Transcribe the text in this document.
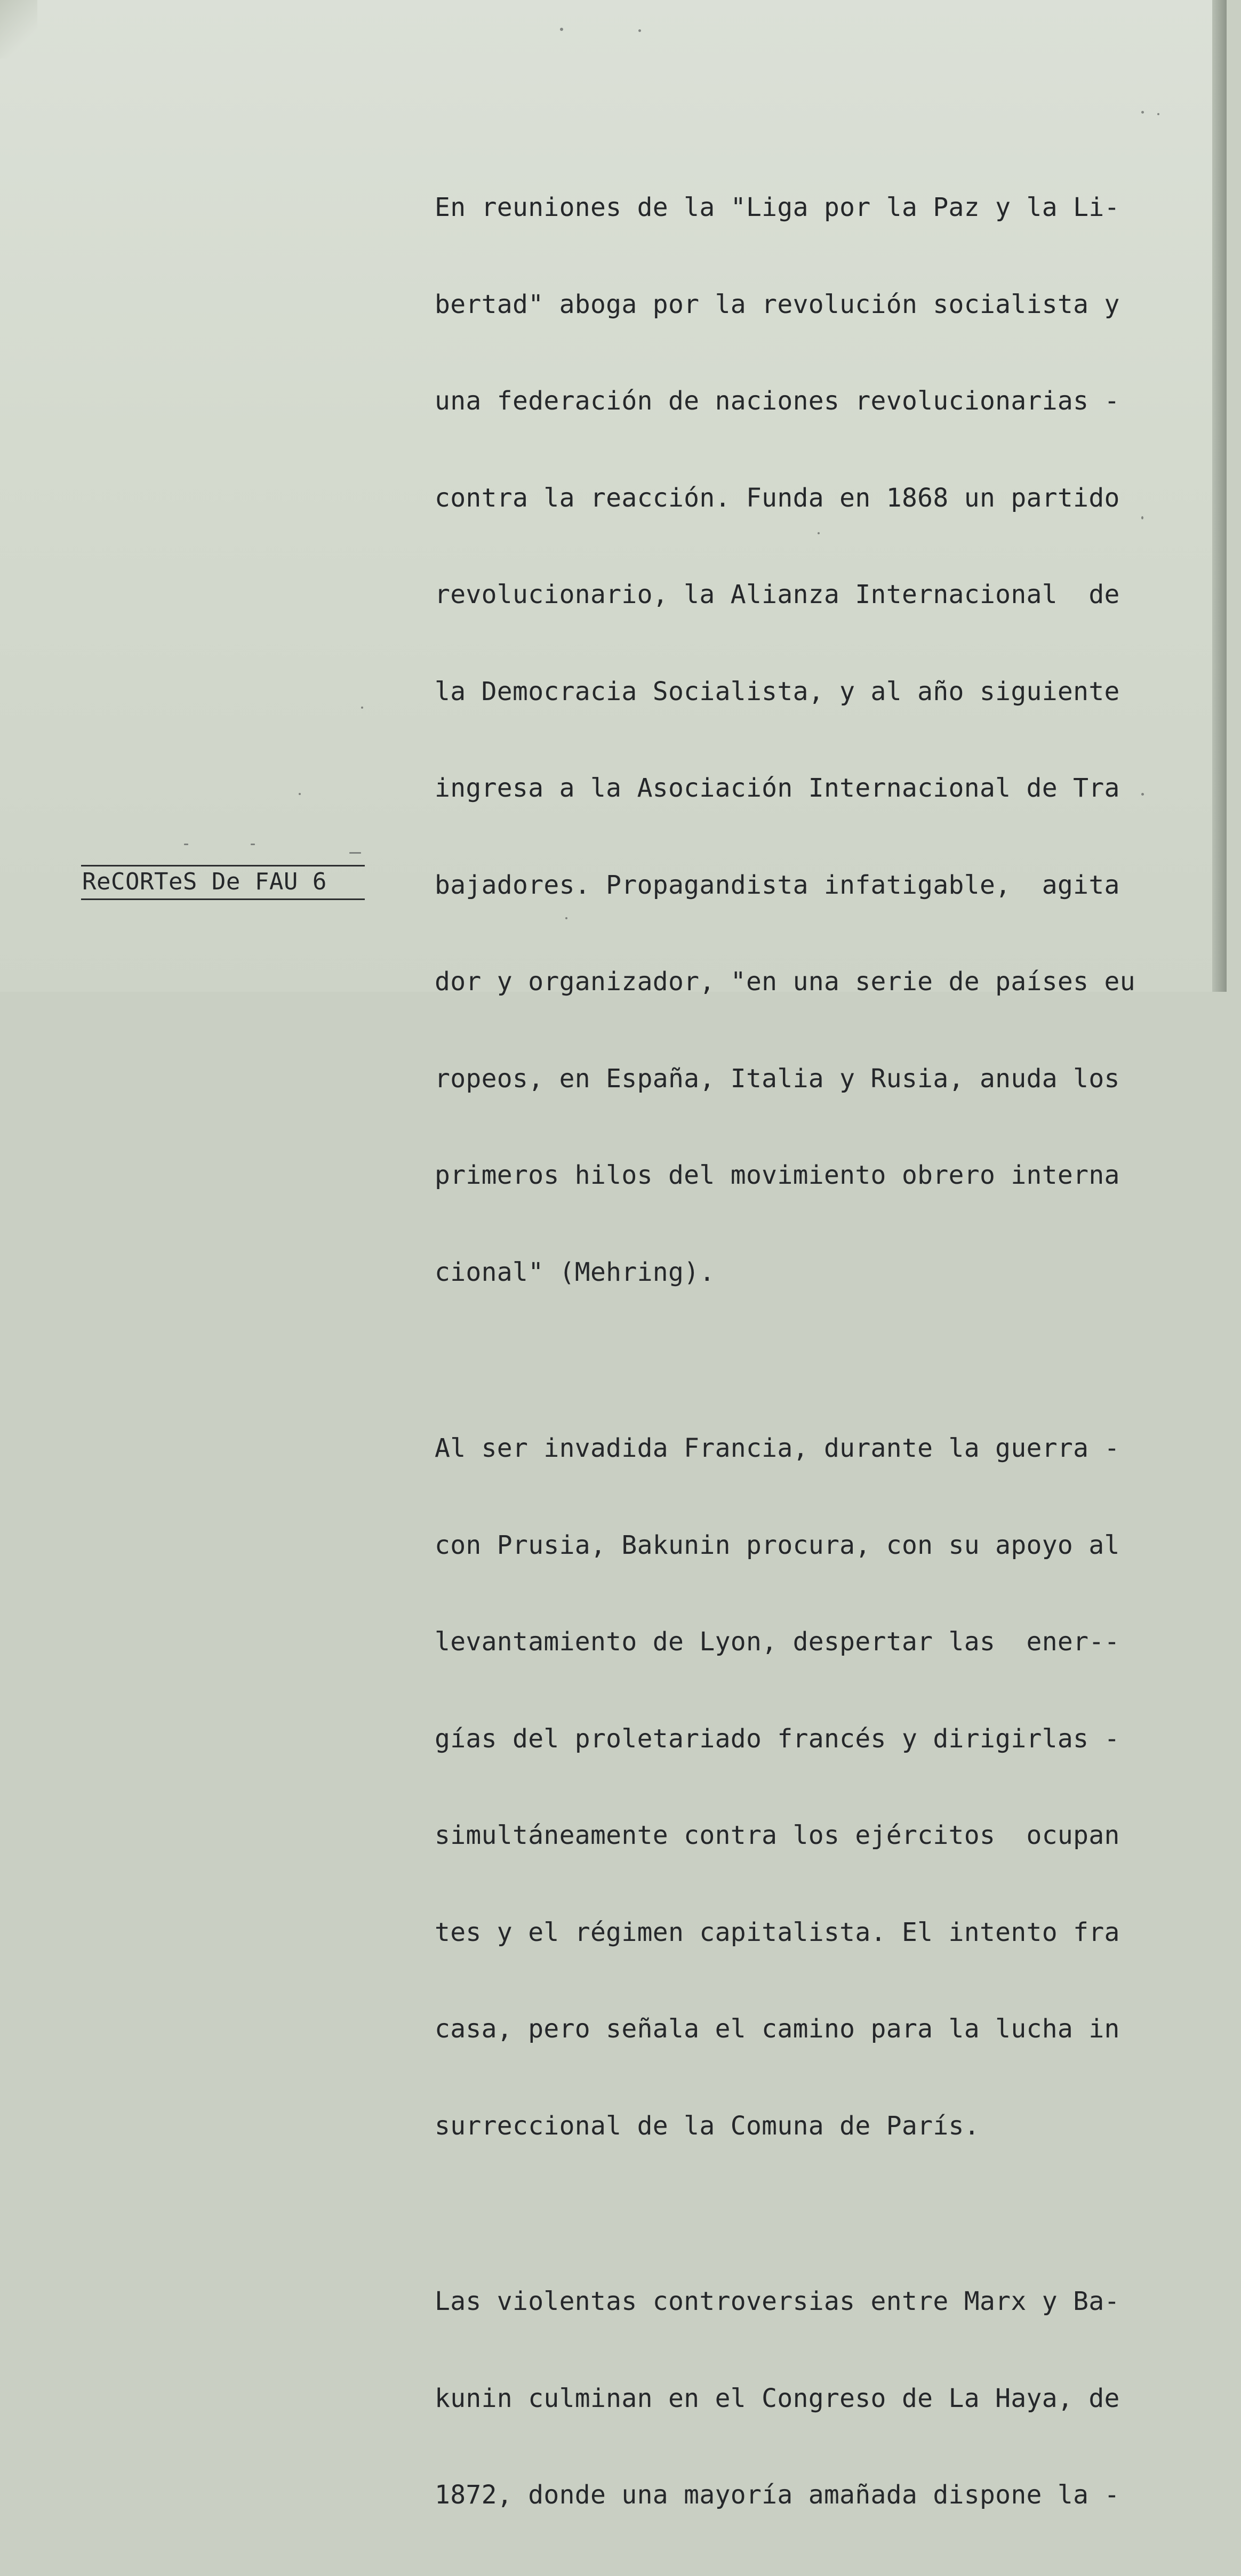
En reuniones de la "Liga por la Paz y la Li-

bertad" aboga por la revolución socialista y

una federación de naciones revolucionarias -

contra la reacción. Funda en 1868 un partido

revolucionario, la Alianza Internacional  de

la Democracia Socialista, y al año siguiente

ingresa a la Asociación Internacional de Tra

bajadores. Propagandista infatigable,  agita

dor y organizador, "en una serie de países eu

ropeos, en España, Italia y Rusia, anuda los

primeros hilos del movimiento obrero interna

cional" (Mehring).

Al ser invadida Francia, durante la guerra -

con Prusia, Bakunin procura, con su apoyo al

levantamiento de Lyon, despertar las  ener--

gías del proletariado francés y dirigirlas -

simultáneamente contra los ejércitos  ocupan

tes y el régimen capitalista. El intento fra

casa, pero señala el camino para la lucha in

surreccional de la Comuna de París.

Las violentas controversias entre Marx y Ba-

kunin culminan en el Congreso de La Haya, de

1872, donde una mayoría amañada dispone la -

ReCORTeS De FAU 6
